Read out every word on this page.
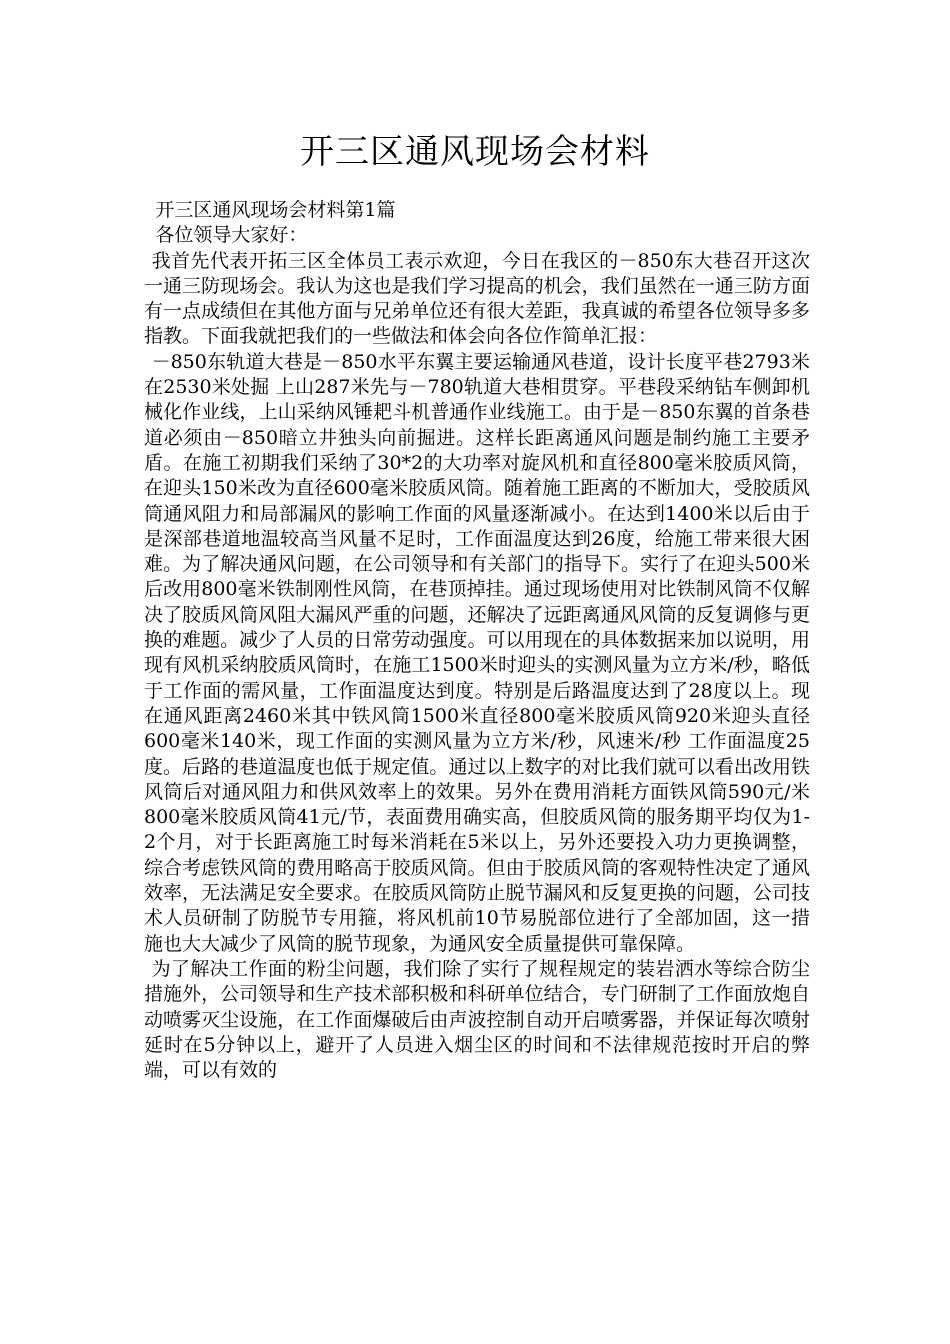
开三区通风现场会材料

开三区通风现场会材料第1篇

各位领导大家好：

我首先代表开拓三区全体员工表示欢迎，今日在我区的－850东大巷召开这次一通三防现场会。我认为这也是我们学习提高的机会，我们虽然在一通三防方面有一点成绩但在其他方面与兄弟单位还有很大差距，我真诚的希望各位领导多多指教。下面我就把我们的一些做法和体会向各位作简单汇报：

－850东轨道大巷是－850水平东翼主要运输通风巷道，设计长度平巷2793米在2530米处掘 上山287米先与－780轨道大巷相贯穿。平巷段采纳钻车侧卸机械化作业线，上山采纳风锤耙斗机普通作业线施工。由于是－850东翼的首条巷道必须由－850暗立井独头向前掘进。这样长距离通风问题是制约施工主要矛盾。在施工初期我们采纳了30*2的大功率对旋风机和直径800毫米胶质风筒，在迎头150米改为直径600毫米胶质风筒。随着施工距离的不断加大，受胶质风筒通风阻力和局部漏风的影响工作面的风量逐渐减小。在达到1400米以后由于是深部巷道地温较高当风量不足时，工作面温度达到26度，给施工带来很大困难。为了解决通风问题，在公司领导和有关部门的指导下。实行了在迎头500米后改用800毫米铁制刚性风筒，在巷顶掉挂。通过现场使用对比铁制风筒不仅解决了胶质风筒风阻大漏风严重的问题，还解决了远距离通风风筒的反复调修与更换的难题。减少了人员的日常劳动强度。可以用现在的具体数据来加以说明，用现有风机采纳胶质风筒时，在施工1500米时迎头的实测风量为立方米/秒，略低于工作面的需风量，工作面温度达到度。特别是后路温度达到了28度以上。现在通风距离2460米其中铁风筒1500米直径800毫米胶质风筒920米迎头直径600毫米140米，现工作面的实测风量为立方米/秒，风速米/秒 工作面温度25度。后路的巷道温度也低于规定值。通过以上数字的对比我们就可以看出改用铁风筒后对通风阻力和供风效率上的效果。另外在费用消耗方面铁风筒590元/米 800毫米胶质风筒41元/节，表面费用确实高，但胶质风筒的服务期平均仅为1- 2个月，对于长距离施工时每米消耗在5米以上，另外还要投入功力更换调整，综合考虑铁风筒的费用略高于胶质风筒。但由于胶质风筒的客观特性决定了通风效率，无法满足安全要求。在胶质风筒防止脱节漏风和反复更换的问题，公司技术人员研制了防脱节专用箍，将风机前10节易脱部位进行了全部加固，这一措施也大大减少了风筒的脱节现象，为通风安全质量提供可靠保障。

为了解决工作面的粉尘问题，我们除了实行了规程规定的装岩洒水等综合防尘措施外，公司领导和生产技术部积极和科研单位结合，专门研制了工作面放炮自动喷雾灭尘设施，在工作面爆破后由声波控制自动开启喷雾器，并保证每次喷射延时在5分钟以上，避开了人员进入烟尘区的时间和不法律规范按时开启的弊端，可以有效的
